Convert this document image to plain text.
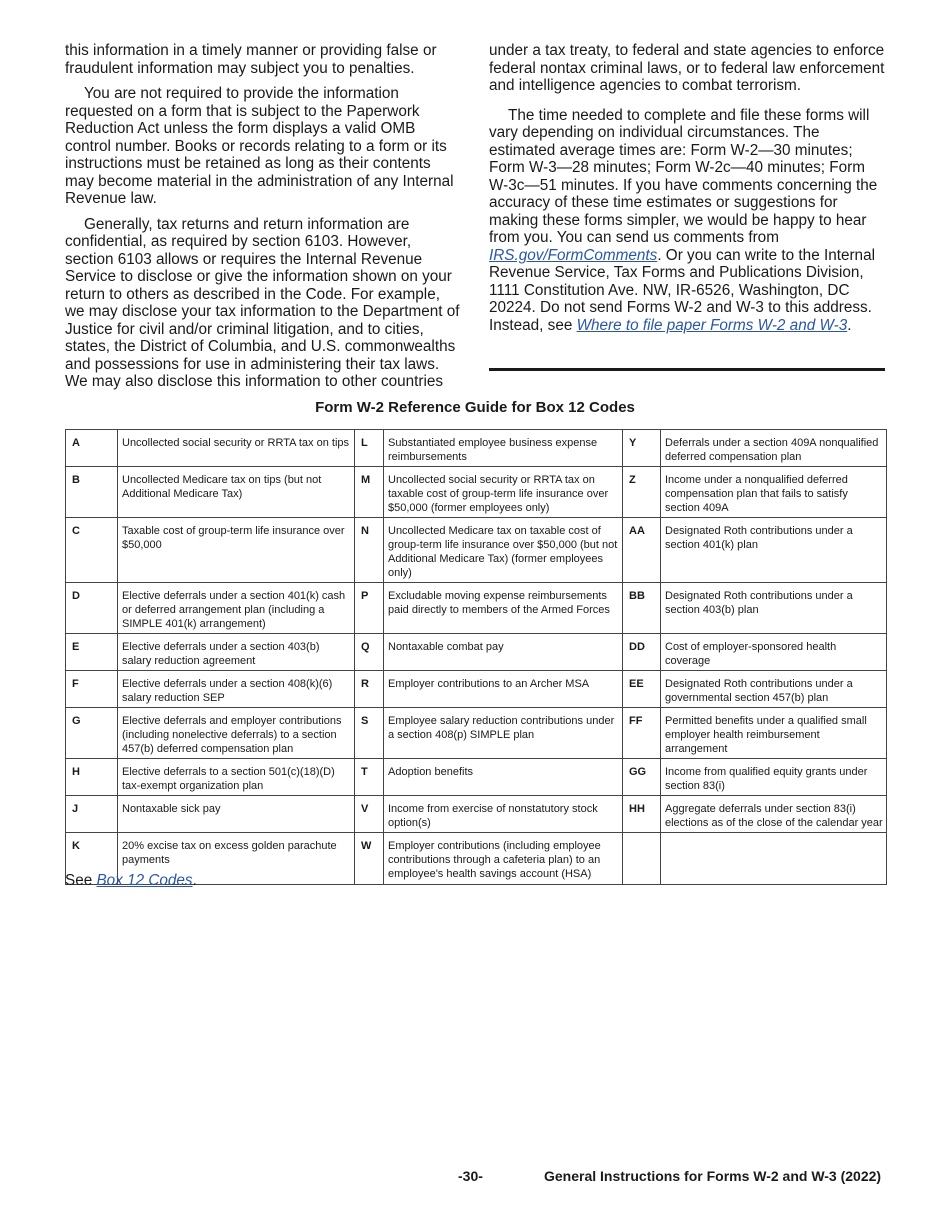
this information in a timely manner or providing false or fraudulent information may subject you to penalties.

You are not required to provide the information requested on a form that is subject to the Paperwork Reduction Act unless the form displays a valid OMB control number. Books or records relating to a form or its instructions must be retained as long as their contents may become material in the administration of any Internal Revenue law.

Generally, tax returns and return information are confidential, as required by section 6103. However, section 6103 allows or requires the Internal Revenue Service to disclose or give the information shown on your return to others as described in the Code. For example, we may disclose your tax information to the Department of Justice for civil and/or criminal litigation, and to cities, states, the District of Columbia, and U.S. commonwealths and possessions for use in administering their tax laws. We may also disclose this information to other countries

under a tax treaty, to federal and state agencies to enforce federal nontax criminal laws, or to federal law enforcement and intelligence agencies to combat terrorism.

The time needed to complete and file these forms will vary depending on individual circumstances. The estimated average times are: Form W-2—30 minutes; Form W-3—28 minutes; Form W-2c—40 minutes; Form W-3c—51 minutes. If you have comments concerning the accuracy of these time estimates or suggestions for making these forms simpler, we would be happy to hear from you. You can send us comments from IRS.gov/FormComments. Or you can write to the Internal Revenue Service, Tax Forms and Publications Division, 1111 Constitution Ave. NW, IR-6526, Washington, DC 20224. Do not send Forms W-2 and W-3 to this address. Instead, see Where to file paper Forms W-2 and W-3.

Form W-2 Reference Guide for Box 12 Codes
A	Uncollected social security or RRTA tax on tips	L	Substantiated employee business expense reimbursements	Y	Deferrals under a section 409A nonqualified deferred compensation plan
B	Uncollected Medicare tax on tips (but not Additional Medicare Tax)	M	Uncollected social security or RRTA tax on taxable cost of group-term life insurance over $50,000 (former employees only)	Z	Income under a nonqualified deferred compensation plan that fails to satisfy section 409A
C	Taxable cost of group-term life insurance over $50,000	N	Uncollected Medicare tax on taxable cost of group-term life insurance over $50,000 (but not Additional Medicare Tax) (former employees only)	AA	Designated Roth contributions under a section 401(k) plan
D	Elective deferrals under a section 401(k) cash or deferred arrangement plan (including a SIMPLE 401(k) arrangement)	P	Excludable moving expense reimbursements paid directly to members of the Armed Forces	BB	Designated Roth contributions under a section 403(b) plan
E	Elective deferrals under a section 403(b) salary reduction agreement	Q	Nontaxable combat pay	DD	Cost of employer-sponsored health coverage
F	Elective deferrals under a section 408(k)(6) salary reduction SEP	R	Employer contributions to an Archer MSA	EE	Designated Roth contributions under a governmental section 457(b) plan
G	Elective deferrals and employer contributions (including nonelective deferrals) to a section 457(b) deferred compensation plan	S	Employee salary reduction contributions under a section 408(p) SIMPLE plan	FF	Permitted benefits under a qualified small employer health reimbursement arrangement
H	Elective deferrals to a section 501(c)(18)(D) tax-exempt organization plan	T	Adoption benefits	GG	Income from qualified equity grants under section 83(i)
J	Nontaxable sick pay	V	Income from exercise of nonstatutory stock option(s)	HH	Aggregate deferrals under section 83(i) elections as of the close of the calendar year
K	20% excise tax on excess golden parachute payments	W	Employer contributions (including employee contributions through a cafeteria plan) to an employee's health savings account (HSA)		
See Box 12 Codes.
-30-	General Instructions for Forms W-2 and W-3 (2022)
